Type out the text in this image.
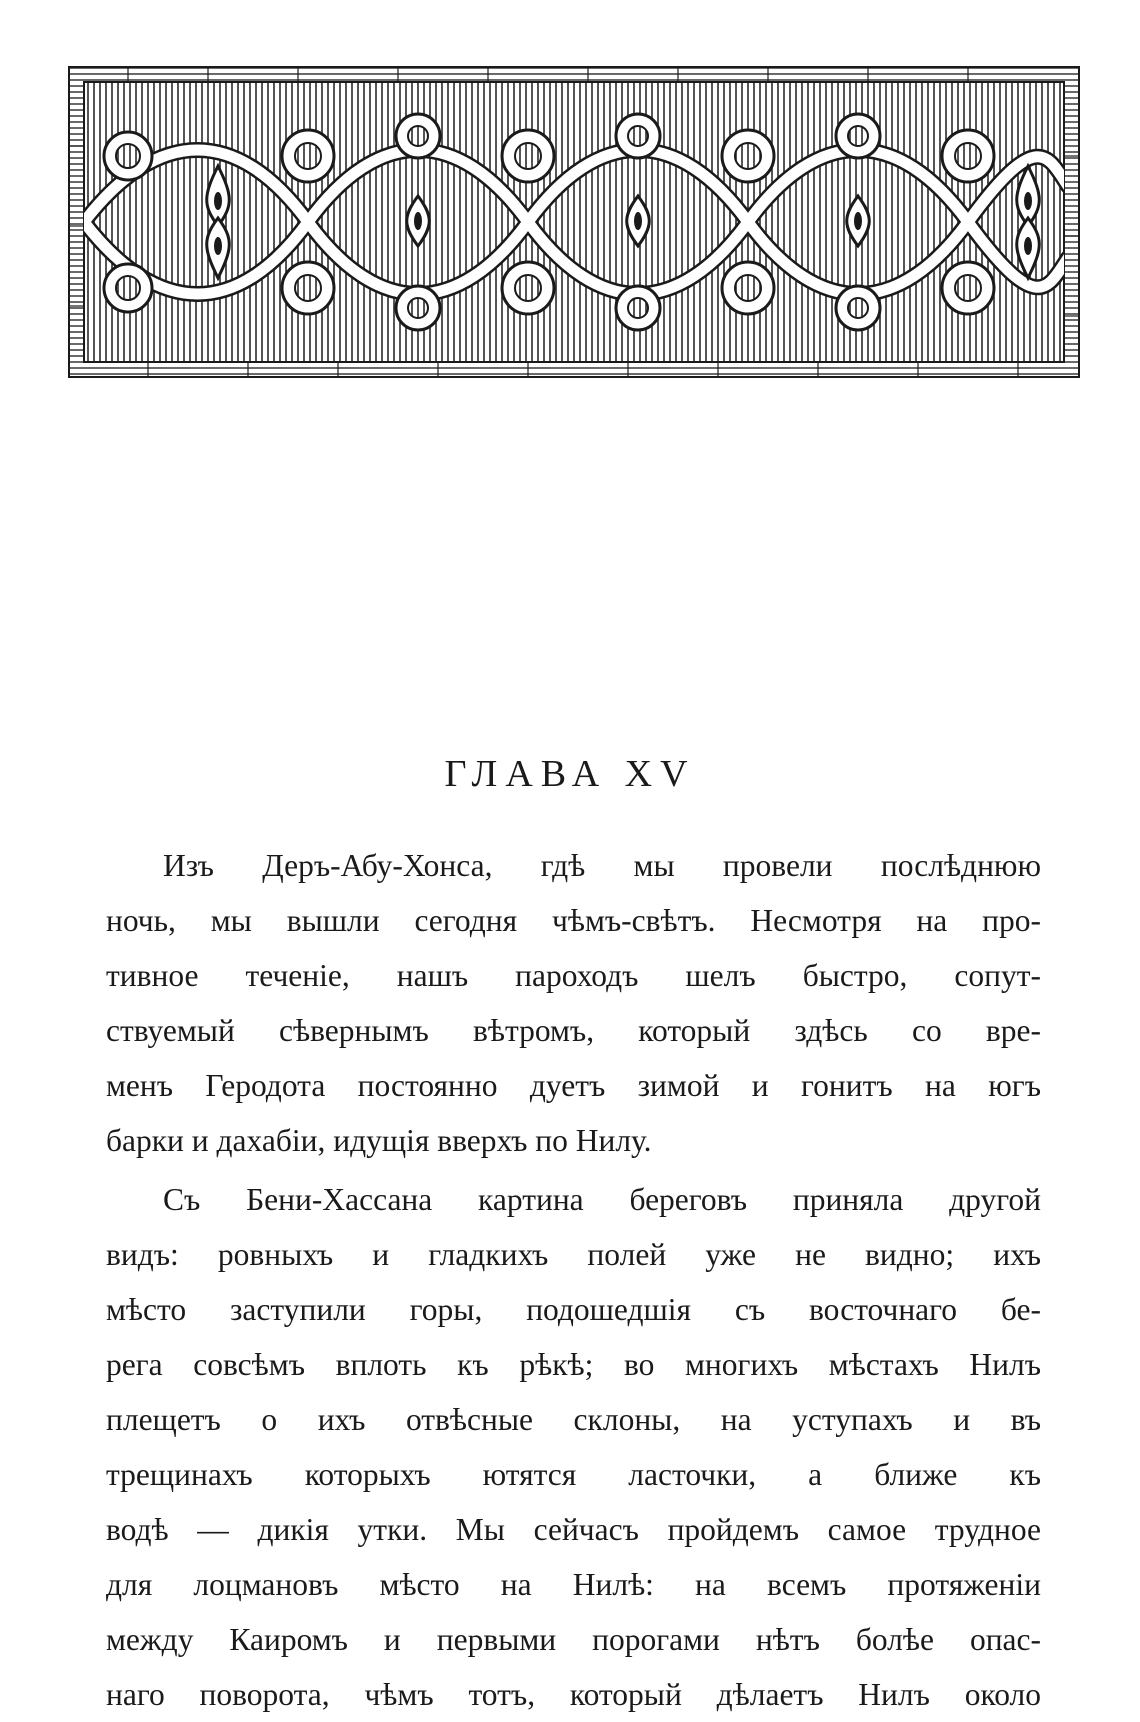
ГЛАВА XV
Изъ Деръ-Абу-Хонса, гдѣ мы провели послѣднюю
ночь, мы вышли сегодня чѣмъ-свѣтъ. Несмотря на про-
тивное теченіе, нашъ пароходъ шелъ быстро, сопут-
ствуемый сѣвернымъ вѣтромъ, который здѣсь со вре-
менъ Геродота постоянно дуетъ зимой и гонитъ на югъ
барки и дахабіи, идущія вверхъ по Нилу.
Съ Бени-Хассана картина береговъ приняла другой
видъ: ровныхъ и гладкихъ полей уже не видно; ихъ
мѣсто заступили горы, подошедшія съ восточнаго бе-
рега совсѣмъ вплоть къ рѣкѣ; во многихъ мѣстахъ Нилъ
плещетъ о ихъ отвѣсные склоны, на уступахъ и въ
трещинахъ которыхъ ютятся ласточки, а ближе къ
водѣ — дикія утки. Мы сейчасъ пройдемъ самое трудное
для лоцмановъ мѣсто на Нилѣ: на всемъ протяженіи
между Каиромъ и первыми порогами нѣтъ болѣе опас-
наго поворота, чѣмъ тотъ, который дѣлаетъ Нилъ около
